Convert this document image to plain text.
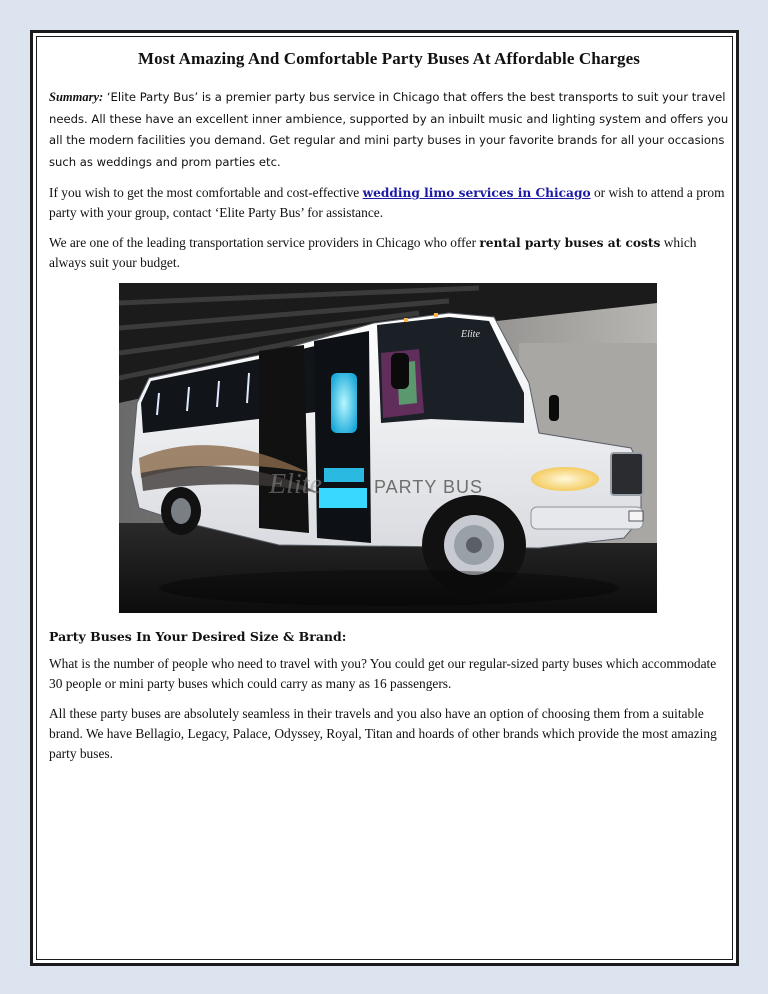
Most Amazing And Comfortable Party Buses At Affordable Charges

Summary: ‘Elite Party Bus’ is a premier party bus service in Chicago that offers the best transports to suit your travel needs. All these have an excellent inner ambience, supported by an inbuilt music and lighting system and offers you all the modern facilities you demand. Get regular and mini party buses in your favorite brands for all your occasions such as weddings and prom parties etc.

If you wish to get the most comfortable and cost-effective wedding limo services in Chicago or wish to attend a prom party with your group, contact ‘Elite Party Bus’ for assistance.

We are one of the leading transportation service providers in Chicago who offer rental party buses at costs which always suit your budget.

Elite
Elite	PARTY BUS
Party Buses In Your Desired Size & Brand:

What is the number of people who need to travel with you? You could get our regular-sized party buses which accommodate 30 people or mini party buses which could carry as many as 16 passengers.

All these party buses are absolutely seamless in their travels and you also have an option of choosing them from a suitable brand. We have Bellagio, Legacy, Palace, Odyssey, Royal, Titan and hoards of other brands which provide the most amazing party buses.
